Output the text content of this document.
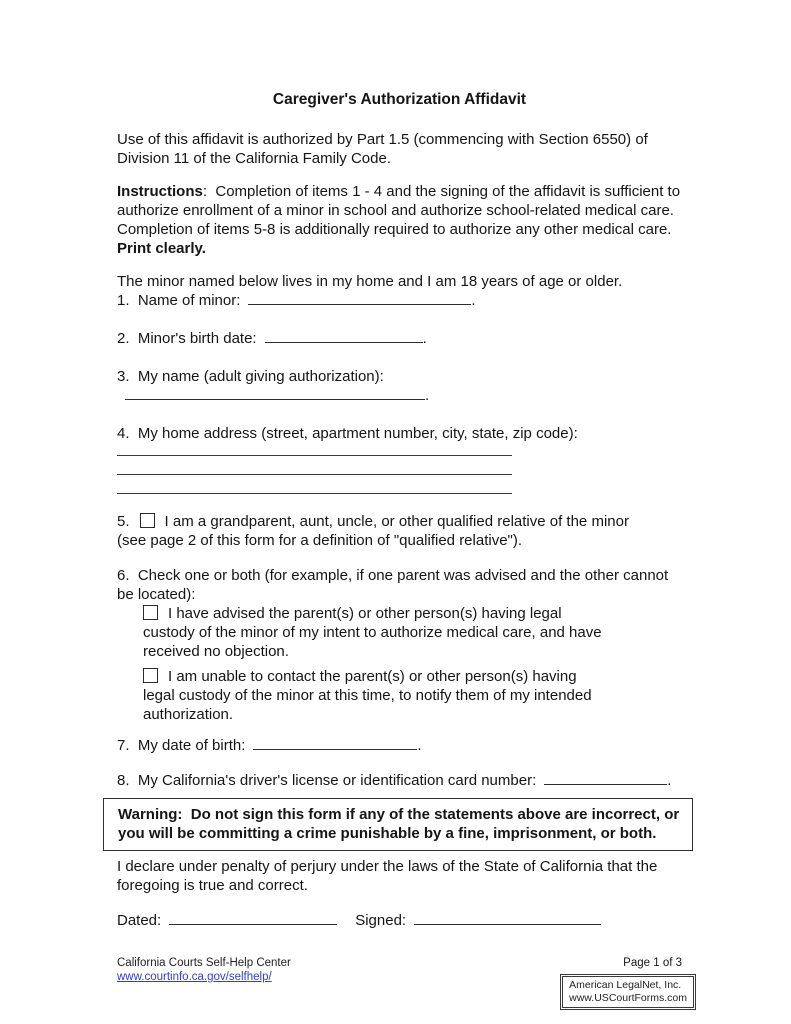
Caregiver's Authorization Affidavit

Use of this affidavit is authorized by Part 1.5 (commencing with Section 6550) of Division 11 of the California Family Code.

Instructions:  Completion of items 1 - 4 and the signing of the affidavit is sufficient to authorize enrollment of a minor in school and authorize school-related medical care.  Completion of items 5-8 is additionally required to authorize any other medical care.  Print clearly.

The minor named below lives in my home and I am 18 years of age or older.
1.  Name of minor:	.
2.  Minor's birth date:	.
3.  My name (adult giving authorization):.
4.  My home address (street, apartment number, city, state, zip code):
5. I am a grandparent, aunt, uncle, or other qualified relative of the minor
(see page 2 of this form for a definition of "qualified relative").

6.  Check one or both (for example, if one parent was advised and the other cannot be located):

I have advised the parent(s) or other person(s) having legal custody of the minor of my intent to authorize medical care, and have received no objection.
I am unable to contact the parent(s) or other person(s) having legal custody of the minor at this time, to notify them of my intended authorization.
7.  My date of birth:	.
8.  My California's driver's license or identification card number:	.
Warning:  Do not sign this form if any of the statements above are incorrect, or you will be committing a crime punishable by a fine, imprisonment, or both.

I declare under penalty of perjury under the laws of the State of California that the foregoing is true and correct.

Dated:	Signed:
California Courts Self-Help Center
www.courtinfo.ca.gov/selfhelp/
Page 1 of 3
American LegalNet, Inc.
www.USCourtForms.com
